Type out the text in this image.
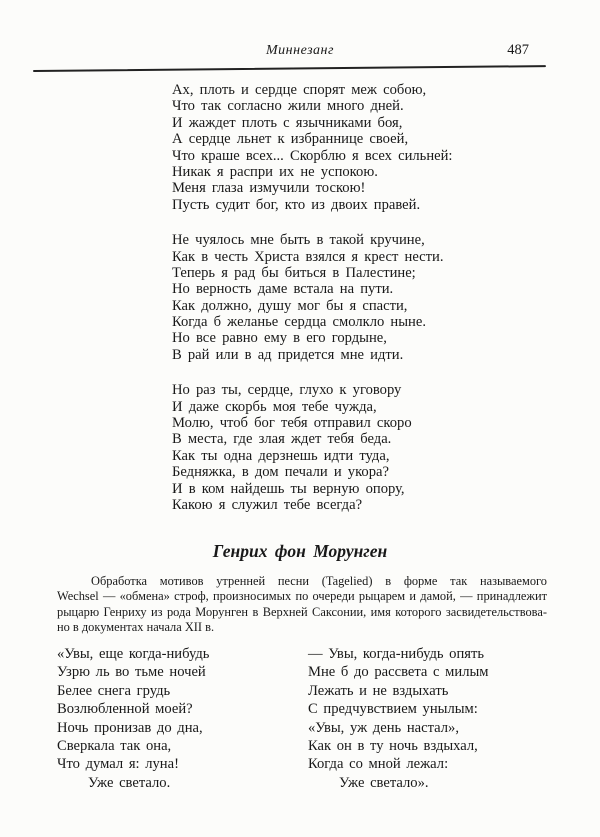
Миннезанг	487
Ах, плоть и сердце спорят меж собою,
Что так согласно жили много дней.
И жаждет плоть с язычниками боя,
А сердце льнет к избраннице своей,
Что краше всех... Скорблю я всех сильней:
Никак я распри их не успокою.
Меня глаза измучили тоскою!
Пусть судит бог, кто из двоих правей.
Не чуялось мне быть в такой кручине,
Как в честь Христа взялся я крест нести.
Теперь я рад бы биться в Палестине;
Но верность даме встала на пути.
Как должно, душу мог бы я спасти,
Когда б желанье сердца смолкло ныне.
Но все равно ему в его гордыне,
В рай или в ад придется мне идти.
Но раз ты, сердце, глухо к уговору
И даже скорбь моя тебе чужда,
Молю, чтоб бог тебя отправил скоро
В места, где злая ждет тебя беда.
Как ты одна дерзнешь идти туда,
Бедняжка, в дом печали и укора?
И в ком найдешь ты верную опору,
Какою я служил тебе всегда?
Генрих фон Морунген
Обработка мотивов утренней песни (Tagelied) в форме так называемого
Wechsel — «обмена» строф, произносимых по очереди рыцарем и дамой, — принадлежит
рыцарю Генриху из рода Морунген в Верхней Саксонии, имя которого засвидетельствова-
но в документах начала XII в.
«Увы, еще когда-нибудь
Узрю ль во тьме ночей
Белее снега грудь
Возлюбленной моей?
Ночь пронизав до дна,
Сверкала так она,
Что думал я: луна!
Уже светало.
— Увы, когда-нибудь опять
Мне б до рассвета с милым
Лежать и не вздыхать
С предчувствием унылым:
«Увы, уж день настал»,
Как он в ту ночь вздыхал,
Когда со мной лежал:
Уже светало».
